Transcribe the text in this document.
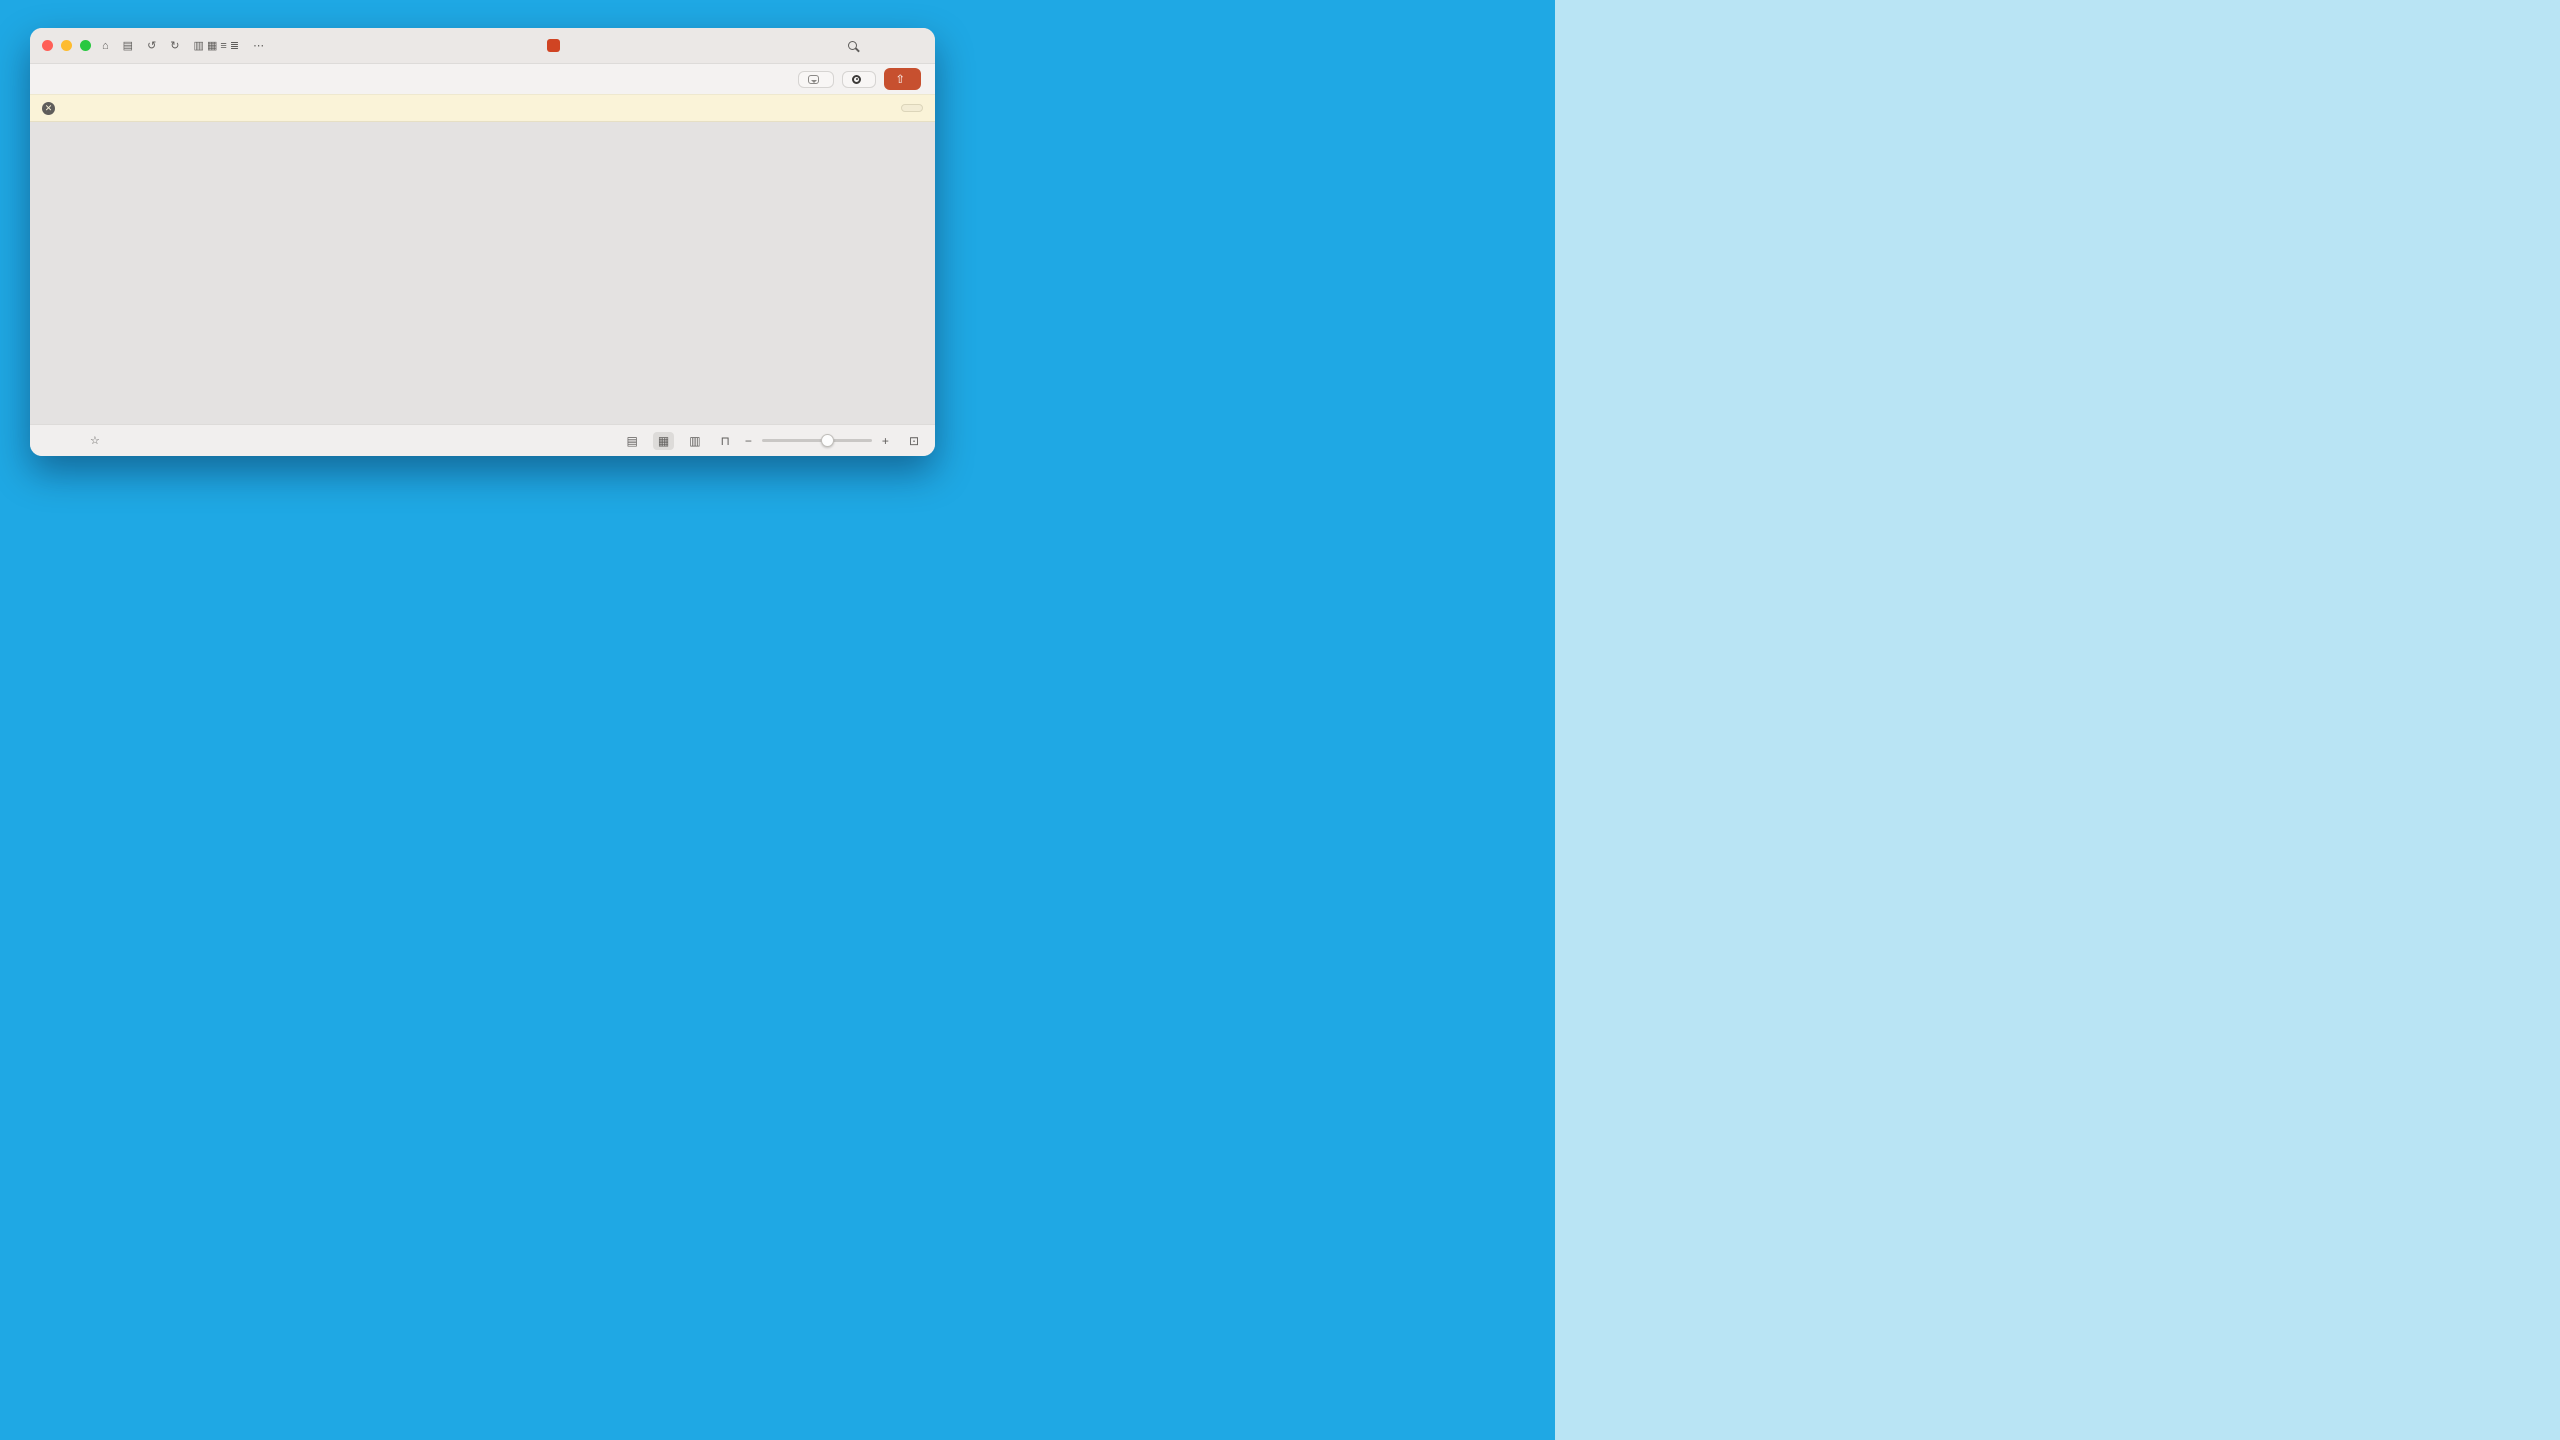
⌂ ▤ ↺ ↻ ▥ ▦ ≡ ≣ ⋯
⇧
✕
☆	▤	▦	▥	⊓	−	+ ⊡
